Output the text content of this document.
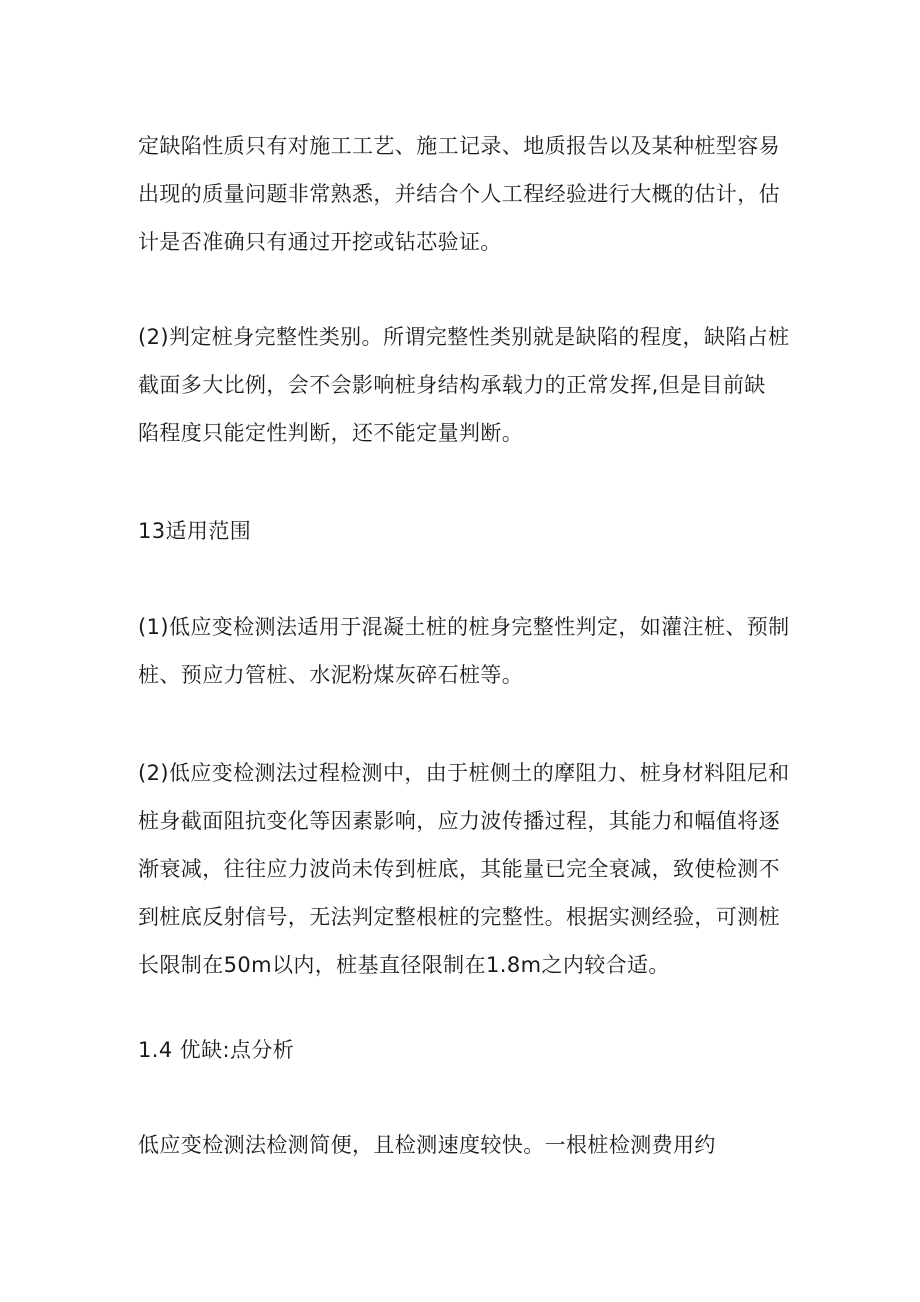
定缺陷性质只有对施工工艺、施工记录、地质报告以及某种桩型容易

出现的质量问题非常熟悉，并结合个人工程经验进行大概的估计，估

计是否准确只有通过开挖或钻芯验证。

(2)判定桩身完整性类别。所谓完整性类别就是缺陷的程度，缺陷占桩

截面多大比例，会不会影响桩身结构承载力的正常发挥,但是目前缺

陷程度只能定性判断，还不能定量判断。

13适用范围

(1)低应变检测法适用于混凝土桩的桩身完整性判定，如灌注桩、预制

桩、预应力管桩、水泥粉煤灰碎石桩等。

(2)低应变检测法过程检测中，由于桩侧土的摩阻力、桩身材料阻尼和

桩身截面阻抗变化等因素影响，应力波传播过程，其能力和幅值将逐

渐衰减，往往应力波尚未传到桩底，其能量已完全衰减，致使检测不

到桩底反射信号，无法判定整根桩的完整性。根据实测经验，可测桩

长限制在50m以内，桩基直径限制在1.8m之内较合适。

1.4 优缺:点分析

低应变检测法检测简便，且检测速度较快。一根桩检测费用约
